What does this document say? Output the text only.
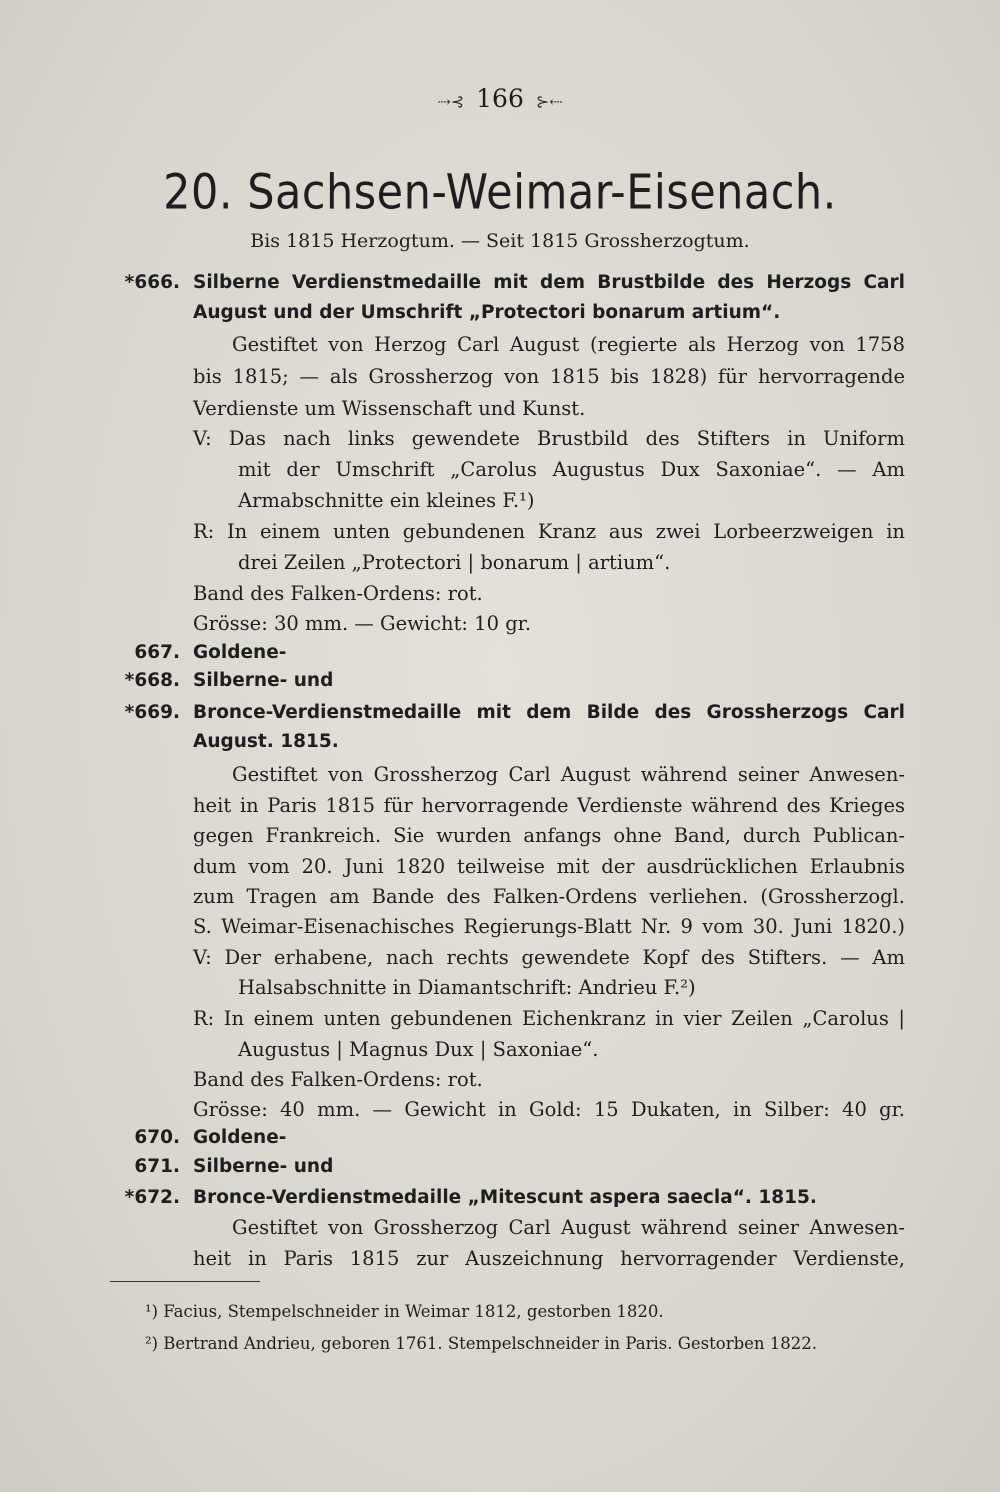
⇢⊰ 166 ⊱⇠
20. Sachsen-Weimar-Eisenach.
Bis 1815 Herzogtum. — Seit 1815 Grossherzogtum.
*666. Silberne Verdienstmedaille mit dem Brustbilde des Herzogs Carl
August und der Umschrift „Protectori bonarum artium“.
Gestiftet von Herzog Carl August (regierte als Herzog von 1758
bis 1815; — als Grossherzog von 1815 bis 1828) für hervorragende
Verdienste um Wissenschaft und Kunst.
V: Das nach links gewendete Brustbild des Stifters in Uniform
mit der Umschrift „Carolus Augustus Dux Saxoniae“. — Am
Armabschnitte ein kleines F.¹)
R: In einem unten gebundenen Kranz aus zwei Lorbeerzweigen in
drei Zeilen „Protectori | bonarum | artium“.
Band des Falken-Ordens: rot.
Grösse: 30 mm. — Gewicht: 10 gr.
667. Goldene-
*668. Silberne- und
*669. Bronce-Verdienstmedaille mit dem Bilde des Grossherzogs Carl
August. 1815.
Gestiftet von Grossherzog Carl August während seiner Anwesen-
heit in Paris 1815 für hervorragende Verdienste während des Krieges
gegen Frankreich. Sie wurden anfangs ohne Band, durch Publican-
dum vom 20. Juni 1820 teilweise mit der ausdrücklichen Erlaubnis
zum Tragen am Bande des Falken-Ordens verliehen. (Grossherzogl.
S. Weimar-Eisenachisches Regierungs-Blatt Nr. 9 vom 30. Juni 1820.)
V: Der erhabene, nach rechts gewendete Kopf des Stifters. — Am
Halsabschnitte in Diamantschrift: Andrieu F.²)
R: In einem unten gebundenen Eichenkranz in vier Zeilen „Carolus |
Augustus | Magnus Dux | Saxoniae“.
Band des Falken-Ordens: rot.
Grösse: 40 mm. — Gewicht in Gold: 15 Dukaten, in Silber: 40 gr.
670. Goldene-
671. Silberne- und
*672. Bronce-Verdienstmedaille „Mitescunt aspera saecla“. 1815.
Gestiftet von Grossherzog Carl August während seiner Anwesen-
heit in Paris 1815 zur Auszeichnung hervorragender Verdienste,
¹) Facius, Stempelschneider in Weimar 1812, gestorben 1820.
²) Bertrand Andrieu, geboren 1761. Stempelschneider in Paris. Gestorben 1822.
